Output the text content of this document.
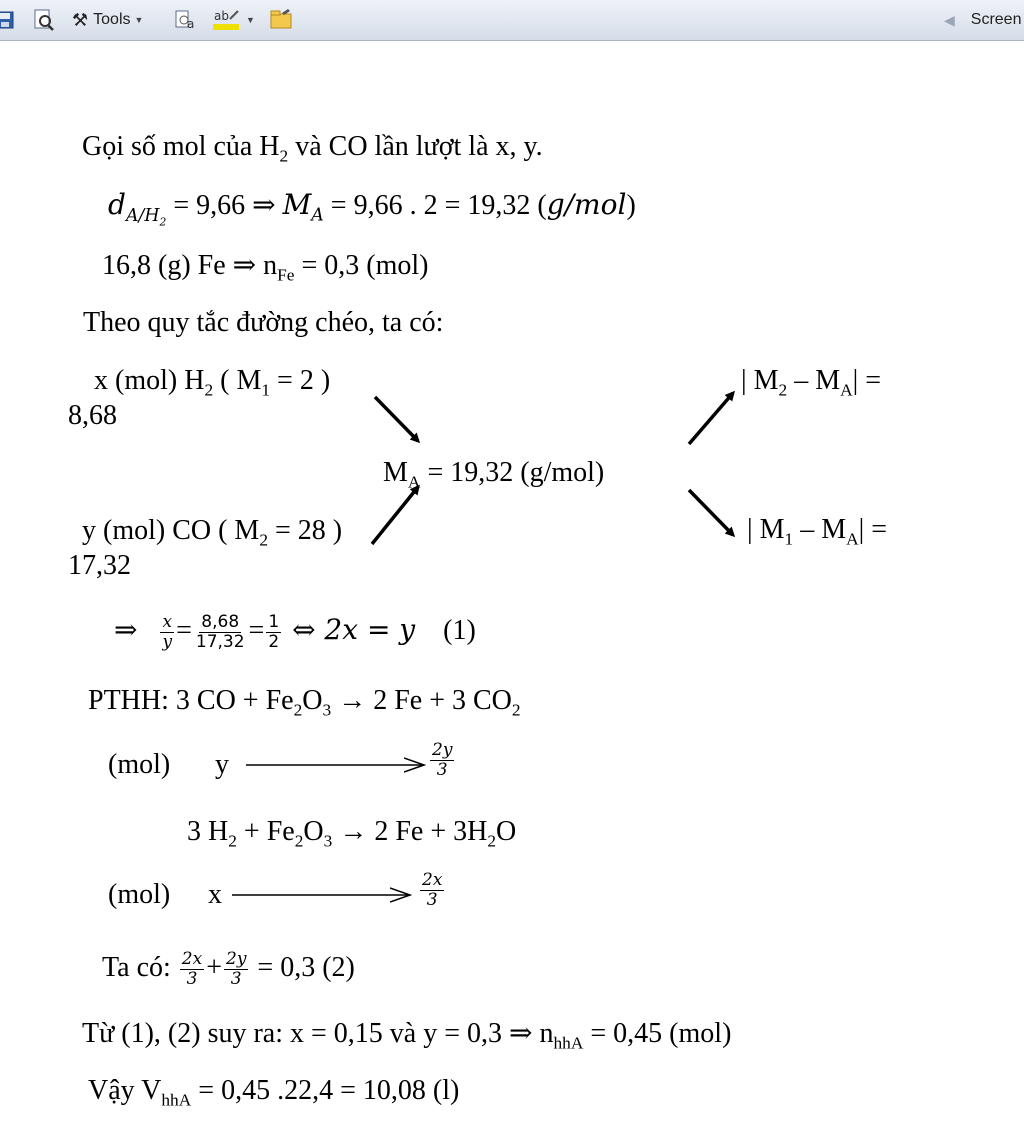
⚒ Tools ▼	a
ab ▼	◀ Screen
Gọi số mol của $H_2$ và CO lần lượt là x, y.
$d_{A/H_2} = 9,66$ ⇒ $M_A = 9,66$ . 2 = 19,32 (g/mol)
16,8 (g) Fe ⇒ $n_{Fe} = 0,3$ (mol)
Theo quy tắc đường chéo, ta có:
x (mol) $H_2$ ( $M_1 = 2$ )
8,68
$M_A = 19,32$ (g/mol)
y (mol) CO ( $M_2 = 28$ )
17,32
| $M_2 - M_A|$ =
| $M_1 - M_A|$ =
⇒ $\frac{x}{y} = \frac{8,68}{17,32} = \frac{1}{2}$ ⇔ 2x = y (1)
PTHH: 3 CO + $Fe_2O_3 \to 2$ Fe + 3 $CO_2$
(mol) y	$\frac{2y}{3}$
3 $H_2 + Fe_2O_3 \to 2$ $Fe + 3H_2O$
(mol) x	$\frac{2x}{3}$
Ta có: $\frac{2x}{3} + \frac{2y}{3} = 0,3$ (2)
Từ (1), (2) suy ra: x = 0,15 và y = 0,3 ⇒ $n_{hhA} = 0,45$ (mol)
Vậy $V_{hhA} = 0,45$ .22,4 = 10,08 (l)
